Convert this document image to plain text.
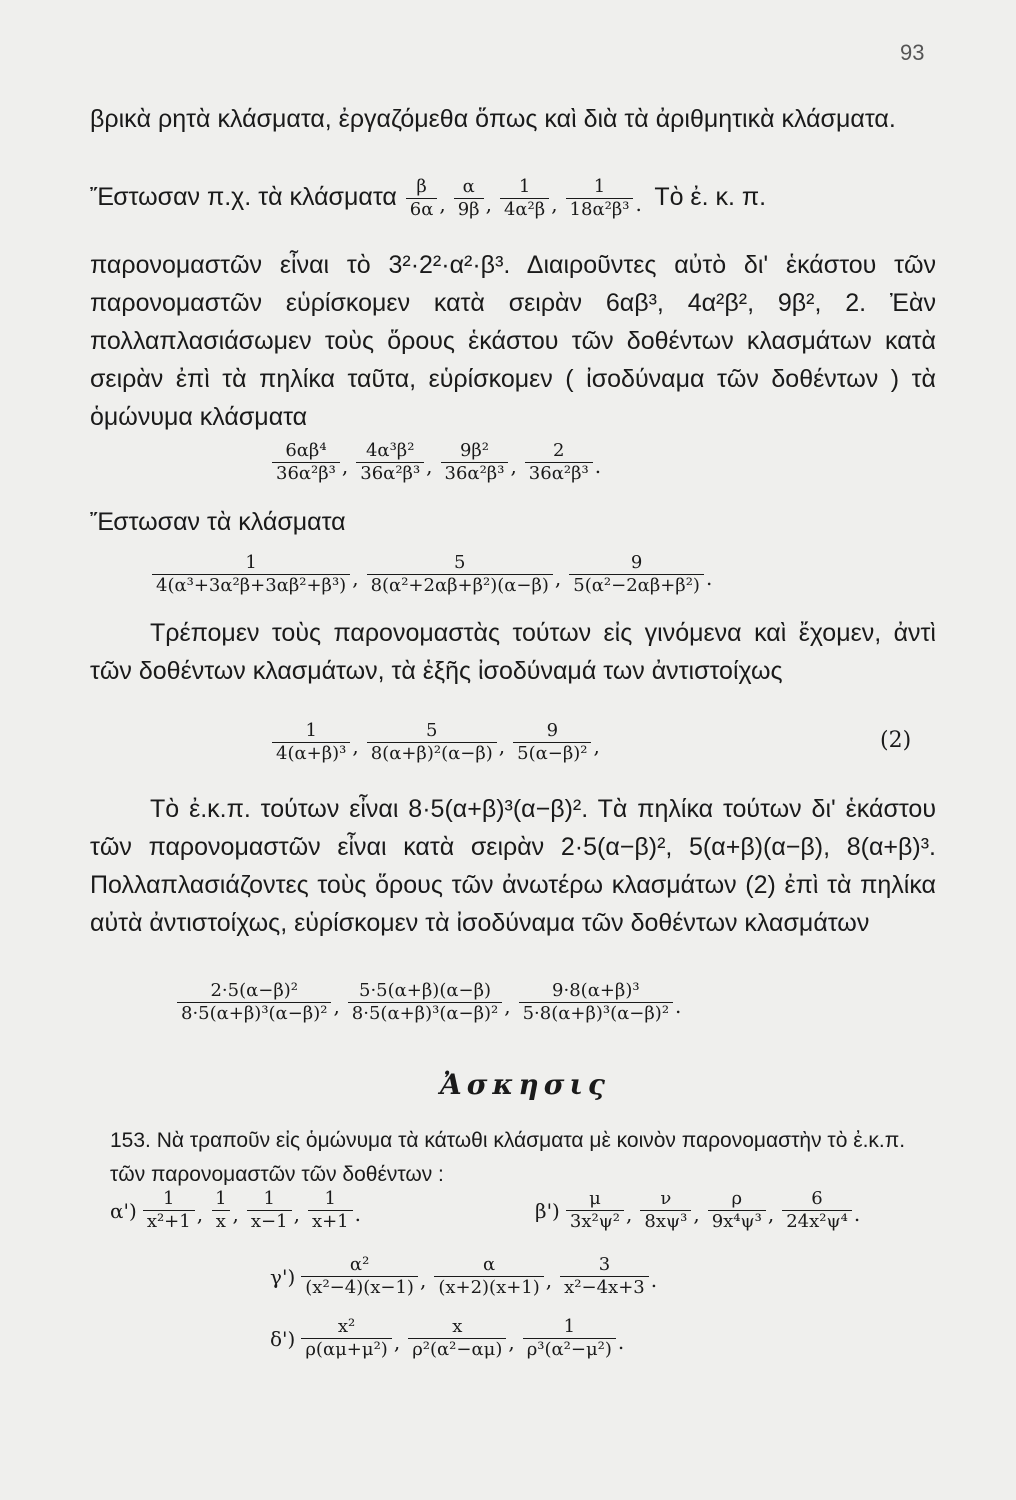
93
βρικὰ ρητὰ κλάσματα, ἐργαζόμεθα ὅπως καὶ διὰ τὰ ἀριθμητικὰ κλάσματα.
Ἔστωσαν π.χ. τὰ κλάσματα $\frac{\beta}{6\alpha} _, \frac{\alpha}{9\beta} _, \frac{1}{\text{4α²β}} _, \frac{1}{\text{18α²β³}} _.$ Τὸ ἐ. κ. π.
παρονομαστῶν εἶναι τὸ 3²·2²·α²·β³. Διαιροῦντες αὐτὸ δι' ἑκάστου τῶν παρονομαστῶν εὑρίσκομεν κατὰ σειρὰν 6αβ³, 4α²β², 9β², 2. Ἐὰν πολλαπλασιάσωμεν τοὺς ὅρους ἑκάστου τῶν δοθέντων κλασμάτων κατὰ σειρὰν ἐπὶ τὰ πηλίκα ταῦτα, εὑρίσκομεν ( ἰσοδύναμα τῶν δοθέντων ) τὰ ὁμώνυμα κλάσματα
$\frac{\text{6αβ⁴}}{\text{36α²β³}}$ , $\frac{\text{4α³β²}}{\text{36α²β³}}$ , $\frac{\text{9β²}}{\text{36α²β³}}$ , $\frac{2}{\text{36α²β³}}$ .
Ἔστωσαν τὰ κλάσματα
$\frac{1}{\text{4(α³+3α²β+3αβ²+β³)}}$ , $\frac{5}{\text{8(α²+2αβ+β²)(α−β)}}$ , $\frac{9}{\text{5(α²−2αβ+β²)}}$ .
Τρέπομεν τοὺς παρονομαστὰς τούτων εἰς γινόμενα καὶ ἔχομεν, ἀντὶ τῶν δοθέντων κλασμάτων, τὰ ἑξῆς ἰσοδύναμά των ἀντιστοίχως
$\frac{1}{\text{4(α+β)³}}$ , $\frac{5}{\text{8(α+β)²(α−β)}}$ , $\frac{9}{\text{5(α−β)²}}$ ,	(2)
Τὸ ἐ.κ.π. τούτων εἶναι 8·5(α+β)³(α−β)². Τὰ πηλίκα τούτων δι' ἑκάστου τῶν παρονομαστῶν εἶναι κατὰ σειρὰν 2·5(α−β)², 5(α+β)(α−β), 8(α+β)³. Πολλαπλασιάζοντες τοὺς ὅρους τῶν ἀνωτέρω κλασμάτων (2) ἐπὶ τὰ πηλίκα αὐτὰ ἀντιστοίχως, εὑρίσκομεν τὰ ἰσοδύναμα τῶν δοθέντων κλασμάτων
$\frac{\text{2·5(α−β)²}}{\text{8·5(α+β)³(α−β)²}}$ , $\frac{5\cdot 5(\alpha+\beta)(\alpha-\beta)}{\text{8·5(α+β)³(α−β)²}}$ , $\frac{\text{9·8(α+β)³}}{\text{5·8(α+β)³(α−β)²}}$ .
Ἀσκησις
153. Νὰ τραποῦν εἰς ὁμώνυμα τὰ κάτωθι κλάσματα μὲ κοινὸν παρονομαστὴν τὸ ἐ.κ.π. τῶν παρονομαστῶν τῶν δοθέντων :
$\alpha') \frac{1}{\text{x²+1}}$ , $\frac{1}{x}$ , $\frac{1}{x-1}$ , $\frac{1}{x+1}$ .	$\beta') \frac{\mu}{\text{3x²ψ²}}$ , $\frac{\nu}{\text{8xψ³}}$ , $\frac{\rho}{\text{9x⁴ψ³}}$ , $\frac{6}{\text{24x²ψ⁴}}$ .
$\gamma') \frac{\text{α²}}{\text{(x²−4)(x−1)}}$ , $\frac{\alpha}{(x+2)(x+1)}$ , $\frac{3}{\text{x²−4x+3}}$ .
$\delta') \frac{\text{x²}}{\text{ρ(αμ+μ²)}}$ , $\frac{x}{\text{ρ²(α²−αμ)}}$ , $\frac{1}{\text{ρ³(α²−μ²)}}$ .
